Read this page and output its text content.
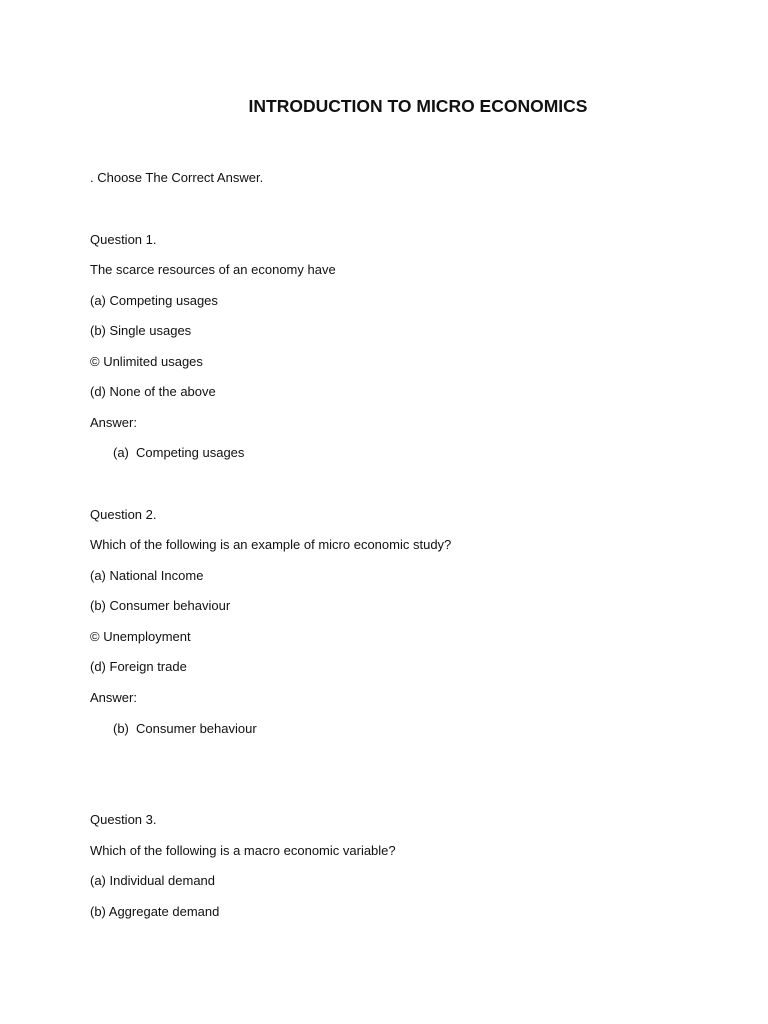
INTRODUCTION TO MICRO ECONOMICS
. Choose The Correct Answer.
Question 1.
The scarce resources of an economy have
(a) Competing usages
(b) Single usages
© Unlimited usages
(d) None of the above
Answer:
(a) Competing usages
Question 2.
Which of the following is an example of micro economic study?
(a) National Income
(b) Consumer behaviour
© Unemployment
(d) Foreign trade
Answer:
(b) Consumer behaviour
Question 3.
Which of the following is a macro economic variable?
(a) Individual demand
(b) Aggregate demand
